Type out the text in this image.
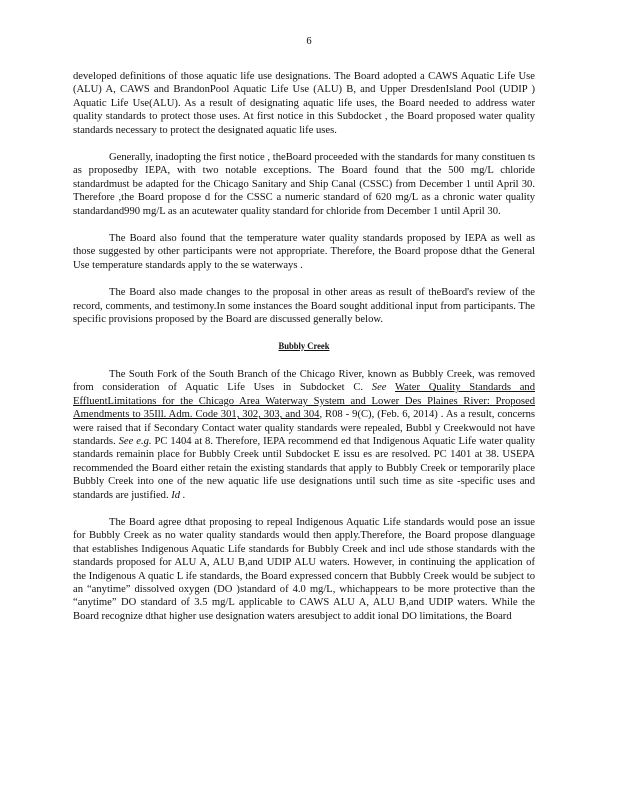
6

developed definitions of those aquatic life use designations. The Board adopted a CAWS Aquatic Life Use (ALU) A, CAWS and BrandonPool Aquatic Life Use (ALU) B, and Upper DresdenIsland Pool (UDIP ) Aquatic Life Use(ALU). As a result of designating aquatic life uses, the Board needed to address water quality standards to protect those uses. At first notice in this Subdocket , the Board proposed water quality standards necessary to protect the designated aquatic life uses.

Generally, inadopting the first notice , theBoard proceeded with the standards for many constituen ts as proposedby IEPA, with two notable exceptions. The Board found that the 500 mg/L chloride standardmust be adapted for the Chicago Sanitary and Ship Canal (CSSC) from December 1 until April 30. Therefore ,the Board propose d for the CSSC a numeric standard of 620 mg/L as a chronic water quality standardand990 mg/L as an acutewater quality standard for chloride from December 1 until April 30.

The Board also found that the temperature water quality standards proposed by IEPA as well as those suggested by other participants were not appropriate. Therefore, the Board propose dthat the General Use temperature standards apply to the se waterways .

The Board also made changes to the proposal in other areas as result of theBoard's review of the record, comments, and testimony.In some instances the Board sought additional input from participants. The specific provisions proposed by the Board are discussed generally below.

Bubbly Creek

The South Fork of the South Branch of the Chicago River, known as Bubbly Creek, was removed from consideration of Aquatic Life Uses in Subdocket C. See Water Quality Standards and EffluentLimitations for the Chicago Area Waterway System and Lower Des Plaines River: Proposed Amendments to 35Ill. Adm. Code 301, 302, 303, and 304, R08 - 9(C), (Feb. 6, 2014) . As a result, concerns were raised that if Secondary Contact water quality standards were repealed, Bubbl y Creekwould not have standards. See e.g. PC 1404 at 8. Therefore, IEPA recommend ed that Indigenous Aquatic Life water quality standards remainin place for Bubbly Creek until Subdocket E issu es are resolved. PC 1401 at 38. USEPA recommended the Board either retain the existing standards that apply to Bubbly Creek or temporarily place Bubbly Creek into one of the new aquatic life use designations until such time as site -specific uses and standards are justified. Id .

The Board agree dthat proposing to repeal Indigenous Aquatic Life standards would pose an issue for Bubbly Creek as no water quality standards would then apply.Therefore, the Board propose dlanguage that establishes Indigenous Aquatic Life standards for Bubbly Creek and incl ude sthose standards with the standards proposed for ALU A, ALU B,and UDIP ALU waters. However, in continuing the application of the Indigenous A quatic L ife standards, the Board expressed concern that Bubbly Creek would be subject to an “anytime” dissolved oxygen (DO )standard of 4.0 mg/L, whichappears to be more protective than the “anytime” DO standard of 3.5 mg/L applicable to CAWS ALU A, ALU B,and UDIP waters. While the Board recognize dthat higher use designation waters aresubject to addit ional DO limitations, the Board
